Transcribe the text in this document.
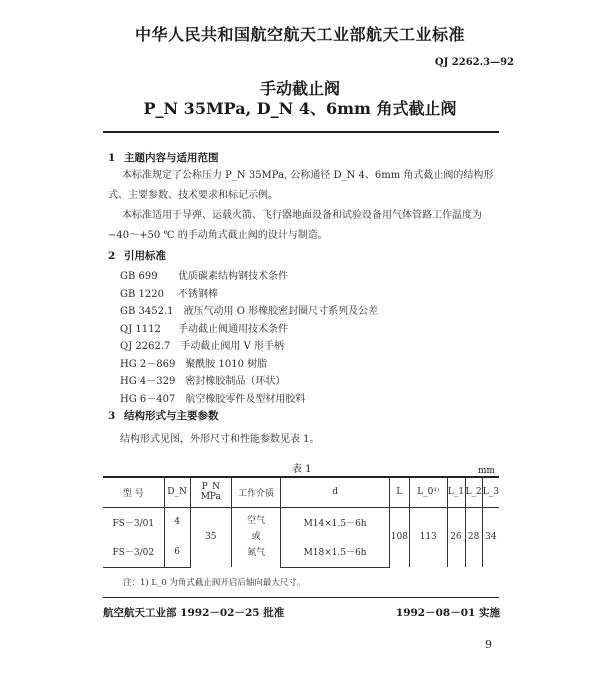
中华人民共和国航空航天工业部航天工业标准
QJ 2262.3—92
手动截止阀
P_N 35MPa, D_N 4、6mm 角式截止阀
1 主题内容与适用范围

本标准规定了公称压力 P_N 35MPa, 公称通径 D_N 4、6mm 角式截止阀的结构形式、主要参数、技术要求和标记示例。

本标准适用于导弹、运载火箭、飞行器地面设备和试验设备用气体管路工作温度为 −40～+50 ℃ 的手动角式截止阀的设计与制造。

2 引用标准
GB 699　 优质碳素结构钢技术条件
GB 1220　 不锈钢棒
GB 3452.1　 液压气动用 O 形橡胶密封圈尺寸系列及公差
QJ 1112　 手动截止阀通用技术条件
QJ 2262.7　 手动截止阀用 V 形手柄
HG 2－869　 聚酰胺 1010 树脂
HG 4－329　 密封橡胶制品（环状）
HG 6－407　 航空橡胶零件及型材用胶料
3 结构形式与主要参数
结构形式见图，外形尺寸和性能参数见表 1。
表 1	mm
型 号	D_N	P_N MPa	工作介质	d	L	L_0¹⁾	L_1	L_2	L_3
FS－3/01	4	35	空气
或
氮气	M14×1.5－6h	108	113	26	28	34
FS－3/02	6			M18×1.5－6h					
注：1) L_0 为角式截止阀开启后轴向最大尺寸。
航空航天工业部 1992－02－25 批准	1992－08－01 实施
9
